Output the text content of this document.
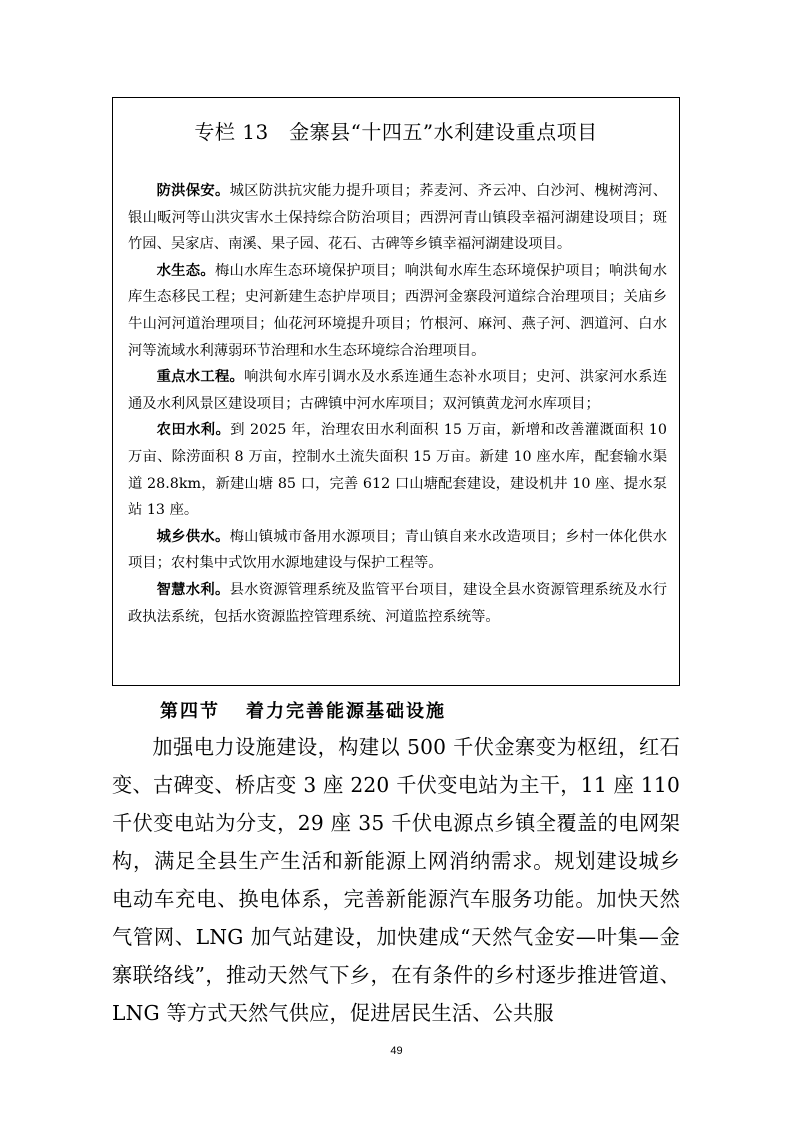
专栏 13　金寨县“十四五”水利建设重点项目

防洪保安。城区防洪抗灾能力提升项目；荞麦河、齐云冲、白沙河、槐树湾河、银山畈河等山洪灾害水土保持综合防治项目；西淠河青山镇段幸福河湖建设项目；斑竹园、吴家店、南溪、果子园、花石、古碑等乡镇幸福河湖建设项目。

水生态。梅山水库生态环境保护项目；响洪甸水库生态环境保护项目；响洪甸水库生态移民工程；史河新建生态护岸项目；西淠河金寨段河道综合治理项目；关庙乡牛山河河道治理项目；仙花河环境提升项目；竹根河、麻河、燕子河、泗道河、白水河等流域水利薄弱环节治理和水生态环境综合治理项目。

重点水工程。响洪甸水库引调水及水系连通生态补水项目；史河、洪家河水系连通及水利风景区建设项目；古碑镇中河水库项目；双河镇黄龙河水库项目；

农田水利。到 2025 年，治理农田水利面积 15 万亩，新增和改善灌溉面积 10 万亩、除涝面积 8 万亩，控制水土流失面积 15 万亩。新建 10 座水库，配套输水渠道 28.8km，新建山塘 85 口，完善 612 口山塘配套建设，建设机井 10 座、提水泵站 13 座。

城乡供水。梅山镇城市备用水源项目；青山镇自来水改造项目；乡村一体化供水项目；农村集中式饮用水源地建设与保护工程等。

智慧水利。县水资源管理系统及监管平台项目，建设全县水资源管理系统及水行政执法系统，包括水资源监控管理系统、河道监控系统等。

第四节 着力完善能源基础设施
加强电力设施建设，构建以 500 千伏金寨变为枢纽，红石变、古碑变、桥店变 3 座 220 千伏变电站为主干，11 座 110 千伏变电站为分支，29 座 35 千伏电源点乡镇全覆盖的电网架构，满足全县生产生活和新能源上网消纳需求。规划建设城乡电动车充电、换电体系，完善新能源汽车服务功能。加快天然气管网、LNG 加气站建设，加快建成“天然气金安—叶集—金寨联络线”，推动天然气下乡，在有条件的乡村逐步推进管道、LNG 等方式天然气供应，促进居民生活、公共服
49
